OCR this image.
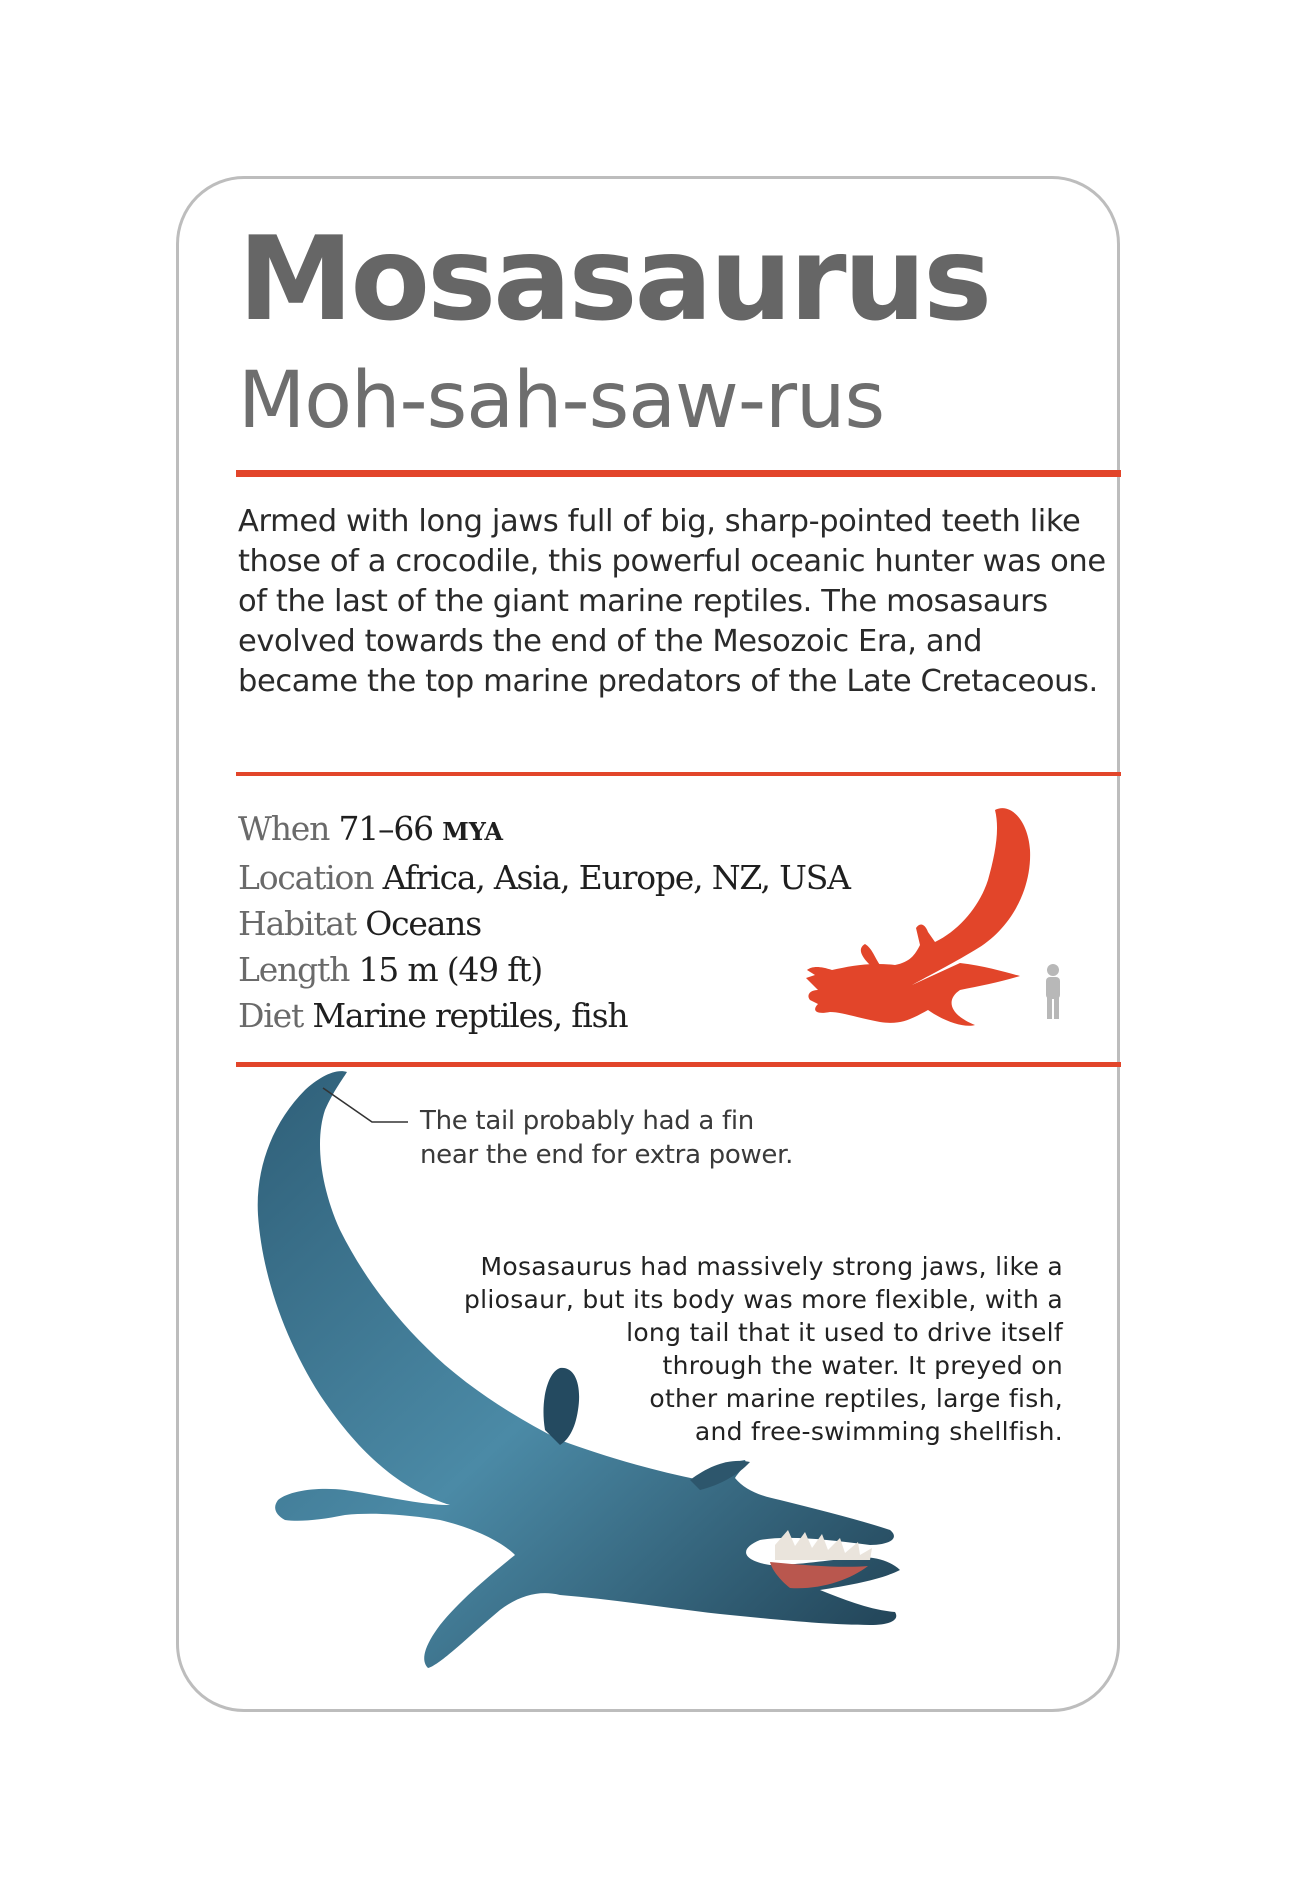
Mosasaurus
Moh-sah-saw-rus
Armed with long jaws full of big, sharp-pointed teeth like
those of a crocodile, this powerful oceanic hunter was one
of the last of the giant marine reptiles. The mosasaurs
evolved towards the end of the Mesozoic Era, and
became the top marine predators of the Late Cretaceous.
When 71–66 MYA
Location Africa, Asia, Europe, NZ, USA
Habitat Oceans
Length 15 m (49 ft)
Diet Marine reptiles, fish
The tail probably had a fin
near the end for extra power.
Mosasaurus had massively strong jaws, like a
pliosaur, but its body was more flexible, with a
long tail that it used to drive itself
through the water. It preyed on
other marine reptiles, large fish,
and free-swimming shellfish.
